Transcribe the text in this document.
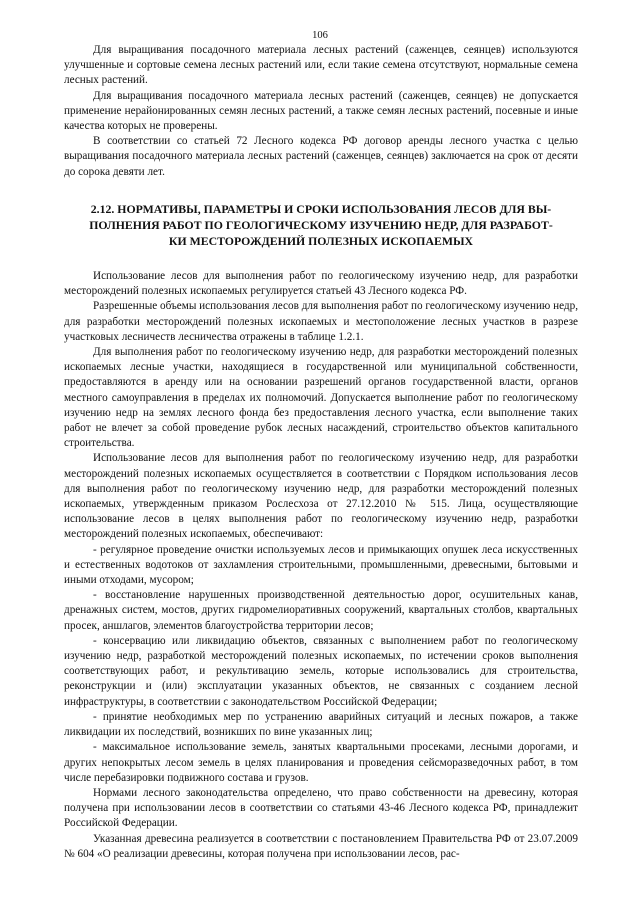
106

Для выращивания посадочного материала лесных растений (саженцев, сеянцев) используются улучшенные и сортовые семена лесных растений или, если такие семена отсутствуют, нормальные семена лесных растений.

Для выращивания посадочного материала лесных растений (саженцев, сеянцев) не допускается применение нерайонированных семян лесных растений, а также семян лесных растений, посевные и иные качества которых не проверены.

В соответствии со статьей 72 Лесного кодекса РФ договор аренды лесного участка с целью выращивания посадочного материала лесных растений (саженцев, сеянцев) заключается на срок от десяти до сорока девяти лет.

2.12. НОРМАТИВЫ, ПАРАМЕТРЫ И СРОКИ ИСПОЛЬЗОВАНИЯ ЛЕСОВ ДЛЯ ВЫ-
ПОЛНЕНИЯ РАБОТ ПО ГЕОЛОГИЧЕСКОМУ ИЗУЧЕНИЮ НЕДР, ДЛЯ РАЗРАБОТ-
КИ МЕСТОРОЖДЕНИЙ ПОЛЕЗНЫХ ИСКОПАЕМЫХ

Использование лесов для выполнения работ по геологическому изучению недр, для разработки месторождений полезных ископаемых регулируется статьей 43 Лесного кодекса РФ.

Разрешенные объемы использования лесов для выполнения работ по геологическому изучению недр, для разработки месторождений полезных ископаемых и местоположение лесных участков в разрезе участковых лесничеств лесничества отражены в таблице 1.2.1.

Для выполнения работ по геологическому изучению недр, для разработки месторождений полезных ископаемых лесные участки, находящиеся в государственной или муниципальной собственности, предоставляются в аренду или на основании разрешений органов государственной власти, органов местного самоуправления в пределах их полномочий. Допускается выполнение работ по геологическому изучению недр на землях лесного фонда без предоставления лесного участка, если выполнение таких работ не влечет за собой проведение рубок лесных насаждений, строительство объектов капитального строительства.

Использование лесов для выполнения работ по геологическому изучению недр, для разработки месторождений полезных ископаемых осуществляется в соответствии с Порядком использования лесов для выполнения работ по геологическому изучению недр, для разработки месторождений полезных ископаемых, утвержденным приказом Рослесхоза от 27.12.2010 № 515. Лица, осуществляющие использование лесов в целях выполнения работ по геологическому изучению недр, разработки месторождений полезных ископаемых, обеспечивают:

- регулярное проведение очистки используемых лесов и примыкающих опушек леса искусственных и естественных водотоков от захламления строительными, промышленными, древесными, бытовыми и иными отходами, мусором;

- восстановление нарушенных производственной деятельностью дорог, осушительных канав, дренажных систем, мостов, других гидромелиоративных сооружений, квартальных столбов, квартальных просек, аншлагов, элементов благоустройства территории лесов;

- консервацию или ликвидацию объектов, связанных с выполнением работ по геологическому изучению недр, разработкой месторождений полезных ископаемых, по истечении сроков выполнения соответствующих работ, и рекультивацию земель, которые использовались для строительства, реконструкции и (или) эксплуатации указанных объектов, не связанных с созданием лесной инфраструктуры, в соответствии с законодательством Российской Федерации;

- принятие необходимых мер по устранению аварийных ситуаций и лесных пожаров, а также ликвидации их последствий, возникших по вине указанных лиц;

- максимальное использование земель, занятых квартальными просеками, лесными дорогами, и других непокрытых лесом земель в целях планирования и проведения сейсморазведочных работ, в том числе перебазировки подвижного состава и грузов.

Нормами лесного законодательства определено, что право собственности на древесину, которая получена при использовании лесов в соответствии со статьями 43-46 Лесного кодекса РФ, принадлежит Российской Федерации.

Указанная древесина реализуется в соответствии с постановлением Правительства РФ от 23.07.2009 № 604 «О реализации древесины, которая получена при использовании лесов, рас-
